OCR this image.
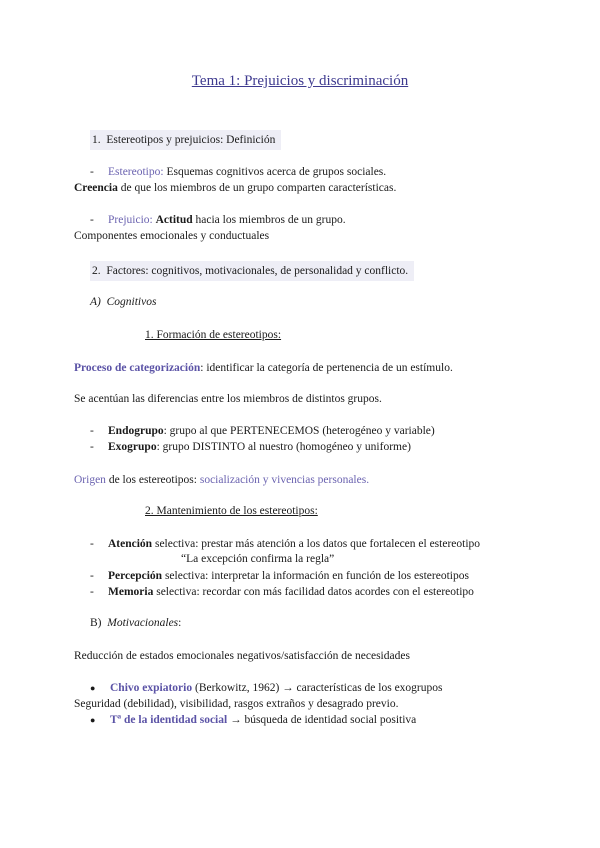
Tema 1: Prejuicios y discriminación
1. Estereotipos y prejuicios: Definición
- Estereotipo: Esquemas cognitivos acerca de grupos sociales.
Creencia de que los miembros de un grupo comparten características.
- Prejuicio: Actitud hacia los miembros de un grupo.
Componentes emocionales y conductuales
2. Factores: cognitivos, motivacionales, de personalidad y conflicto.
A) Cognitivos
1. Formación de estereotipos:
Proceso de categorización: identificar la categoría de pertenencia de un estímulo.
Se acentúan las diferencias entre los miembros de distintos grupos.
- Endogrupo: grupo al que PERTENECEMOS (heterogéneo y variable)
- Exogrupo: grupo DISTINTO al nuestro (homogéneo y uniforme)
Origen de los estereotipos: socialización y vivencias personales.
2. Mantenimiento de los estereotipos:
- Atención selectiva: prestar más atención a los datos que fortalecen el estereotipo
“La excepción confirma la regla”
- Percepción selectiva: interpretar la información en función de los estereotipos
- Memoria selectiva: recordar con más facilidad datos acordes con el estereotipo
B) Motivacionales:
Reducción de estados emocionales negativos/satisfacción de necesidades
● Chivo expiatorio (Berkowitz, 1962) → características de los exogrupos
Seguridad (debilidad), visibilidad, rasgos extraños y desagrado previo.
● Tª de la identidad social → búsqueda de identidad social positiva
